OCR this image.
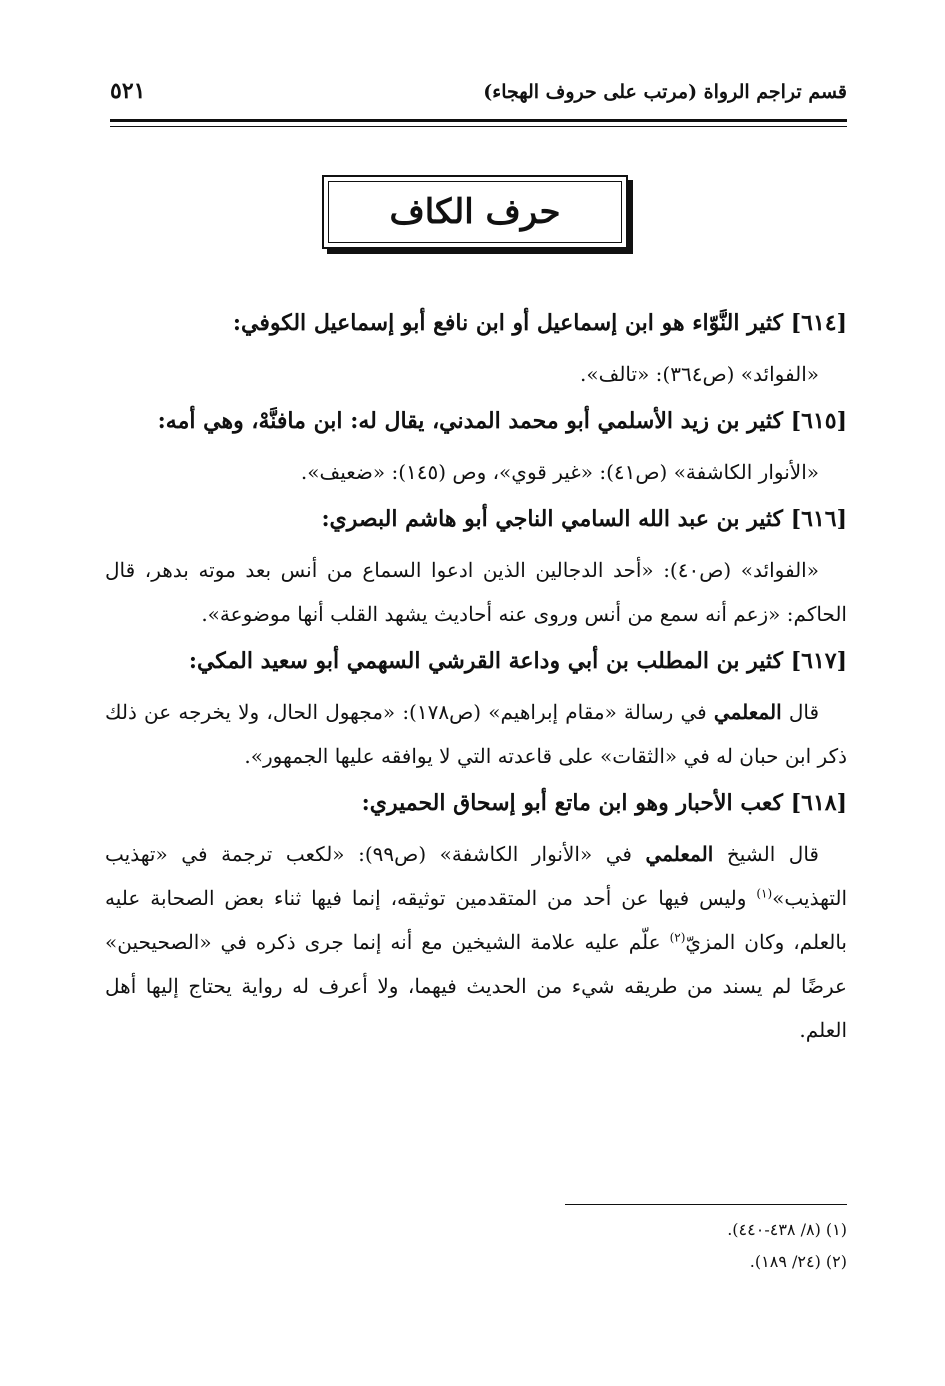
قسم تراجم الرواة (مرتب على حروف الهجاء)
٥٢١
حرف الكاف
[٦١٤] كثير النَّوّاء هو ابن إسماعيل أو ابن نافع أبو إسماعيل الكوفي:

«الفوائد» (ص٣٦٤): «تالف».

[٦١٥] كثير بن زيد الأسلمي أبو محمد المدني، يقال له: ابن مافنَّهْ، وهي أمه:

«الأنوار الكاشفة» (ص٤١): «غير قوي»، وص (١٤٥): «ضعيف».

[٦١٦] كثير بن عبد الله السامي الناجي أبو هاشم البصري:

«الفوائد» (ص٤٠): «أحد الدجالين الذين ادعوا السماع من أنس بعد موته بدهر، قال الحاكم: «زعم أنه سمع من أنس وروى عنه أحاديث يشهد القلب أنها موضوعة».

[٦١٧] كثير بن المطلب بن أبي وداعة القرشي السهمي أبو سعيد المكي:

قال المعلمي في رسالة «مقام إبراهيم» (ص١٧٨): «مجهول الحال، ولا يخرجه عن ذلك ذكر ابن حبان له في «الثقات» على قاعدته التي لا يوافقه عليها الجمهور».

[٦١٨] كعب الأحبار وهو ابن ماتع أبو إسحاق الحميري:

قال الشيخ المعلمي في «الأنوار الكاشفة» (ص٩٩): «لكعب ترجمة في «تهذيب التهذيب»$^{(١)}$ وليس فيها عن أحد من المتقدمين توثيقه، إنما فيها ثناء بعض الصحابة عليه بالعلم، وكان المزيّ$^{(٢)}$ علّم عليه علامة الشيخين مع أنه إنما جرى ذكره في «الصحيحين» عرضًا لم يسند من طريقه شيء من الحديث فيهما، ولا أعرف له رواية يحتاج إليها أهل العلم.

(١) (٨/ ٤٣٨-٤٤٠).

(٢) (٢٤/ ١٨٩).
